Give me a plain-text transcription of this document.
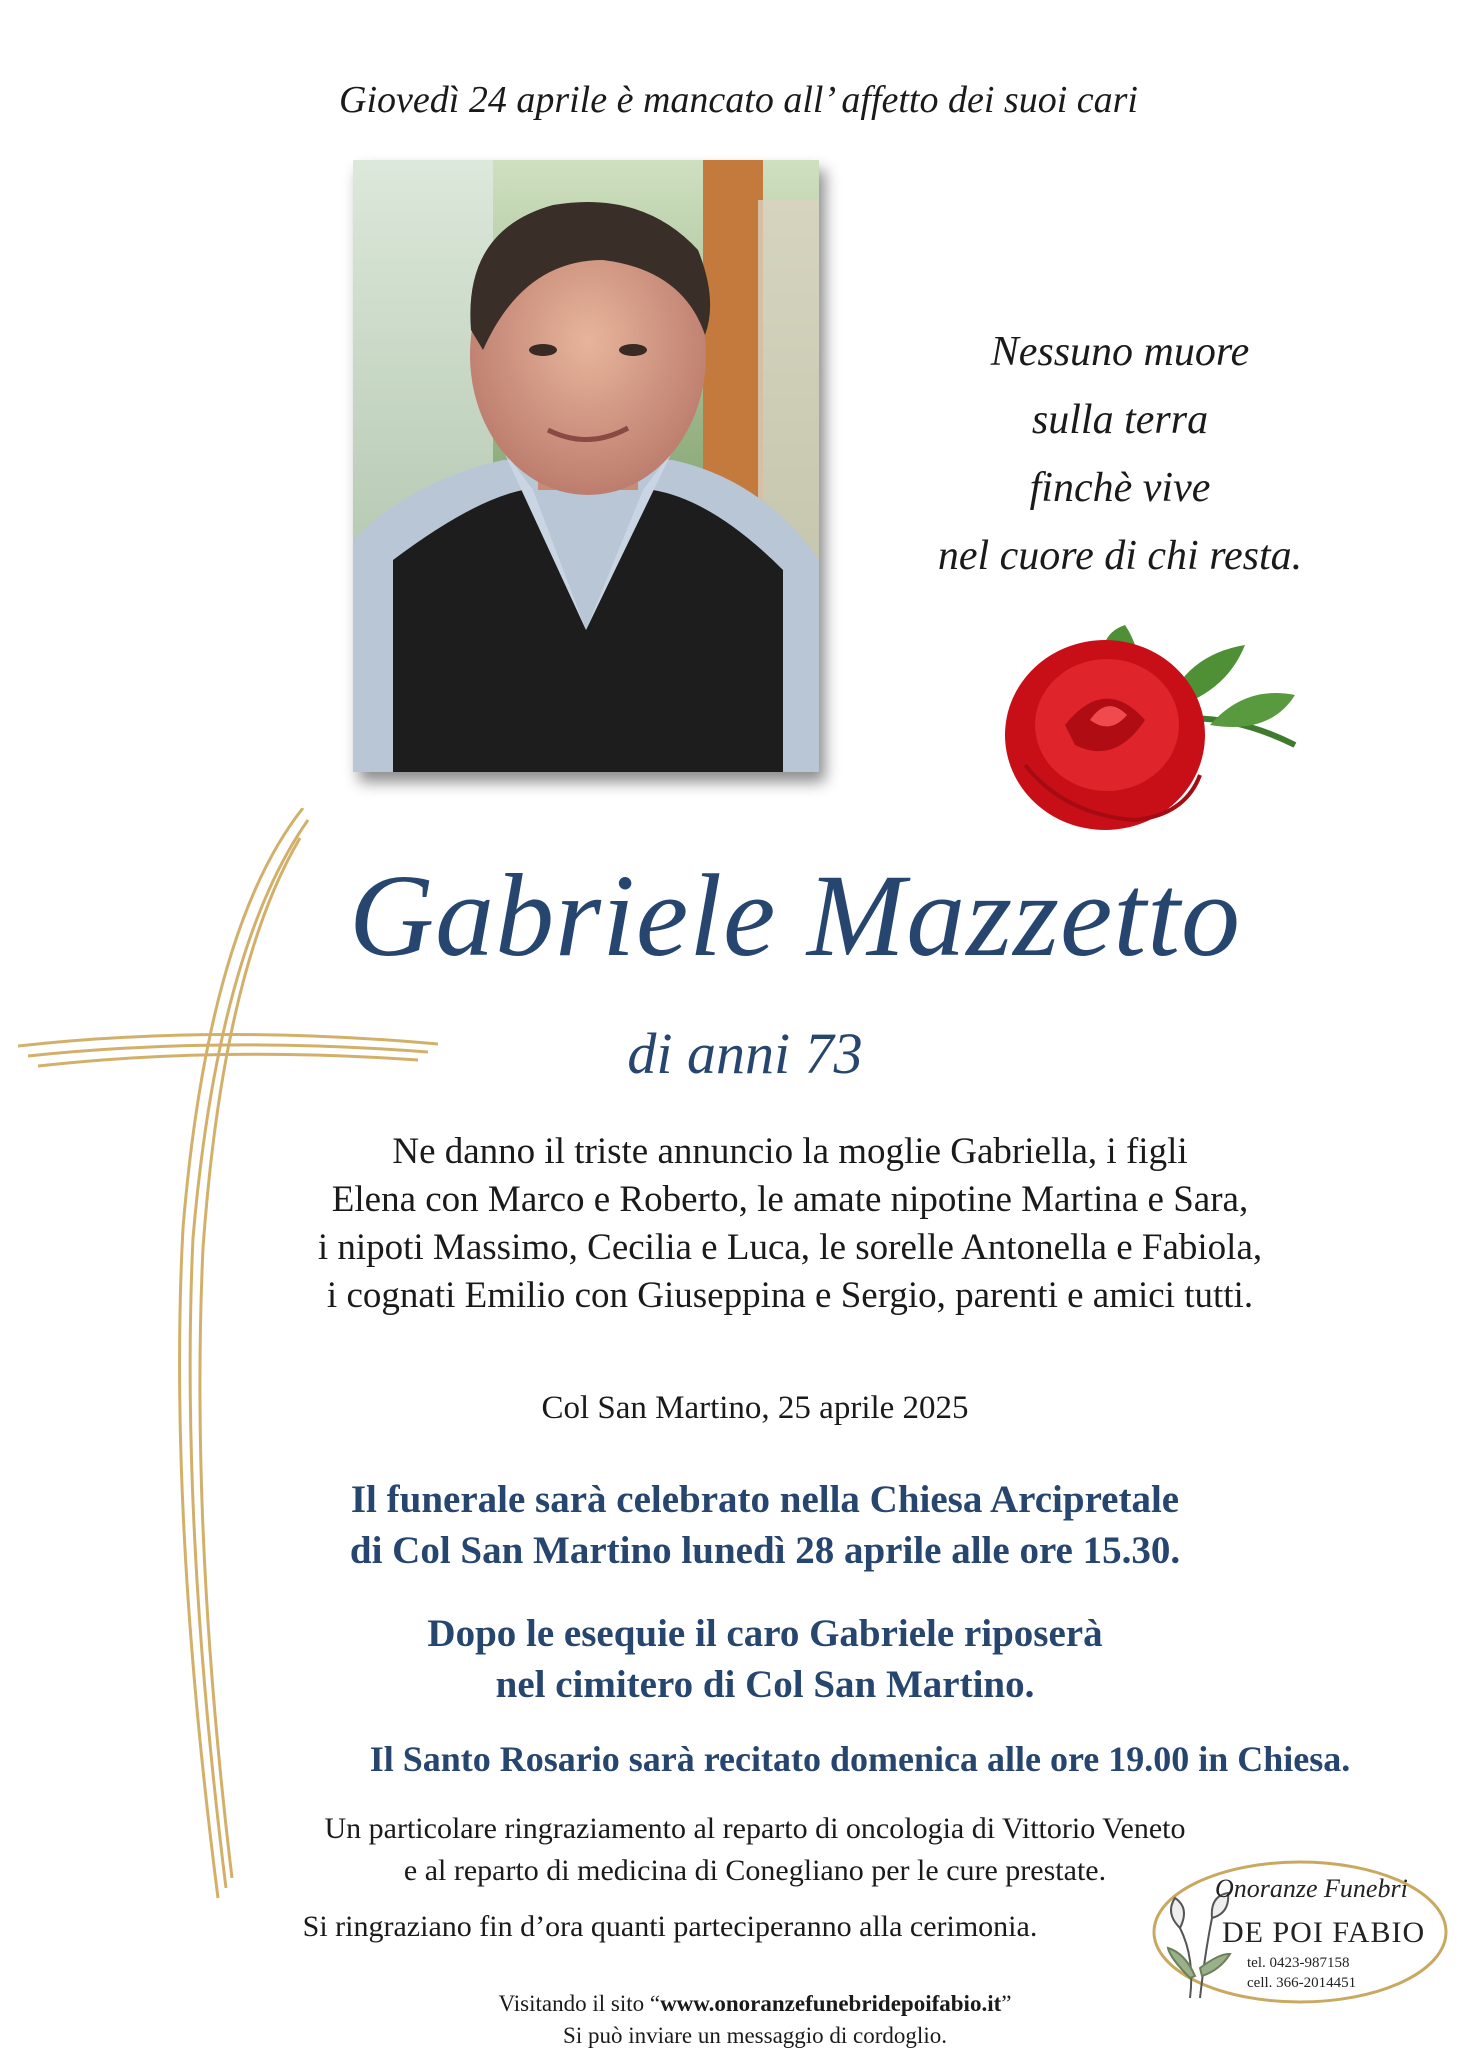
Giovedì 24 aprile è mancato all’ affetto dei suoi cari
Nessuno muore
sulla terra
finchè vive
nel cuore di chi resta.
Gabriele Mazzetto
di anni 73
Ne danno il triste annuncio la moglie Gabriella, i figli
Elena con Marco e Roberto, le amate nipotine Martina e Sara,
i nipoti Massimo, Cecilia e Luca, le sorelle Antonella e Fabiola,
i cognati Emilio con Giuseppina e Sergio, parenti e amici tutti.
Col San Martino, 25 aprile 2025
Il funerale sarà celebrato nella Chiesa Arcipretale
di Col San Martino lunedì 28 aprile alle ore 15.30.
Dopo le esequie il caro Gabriele riposerà
nel cimitero di Col San Martino.
Il Santo Rosario sarà recitato domenica alle ore 19.00 in Chiesa.
Un particolare ringraziamento al reparto di oncologia di Vittorio Veneto
e al reparto di medicina di Conegliano per le cure prestate.
Si ringraziano fin d’ora quanti parteciperanno alla cerimonia.
Visitando il sito “www.onoranzefunebridepoifabio.it”
Si può inviare un messaggio di cordoglio.
Onoranze Funebri
DE POI FABIO
tel. 0423-987158
cell. 366-2014451
